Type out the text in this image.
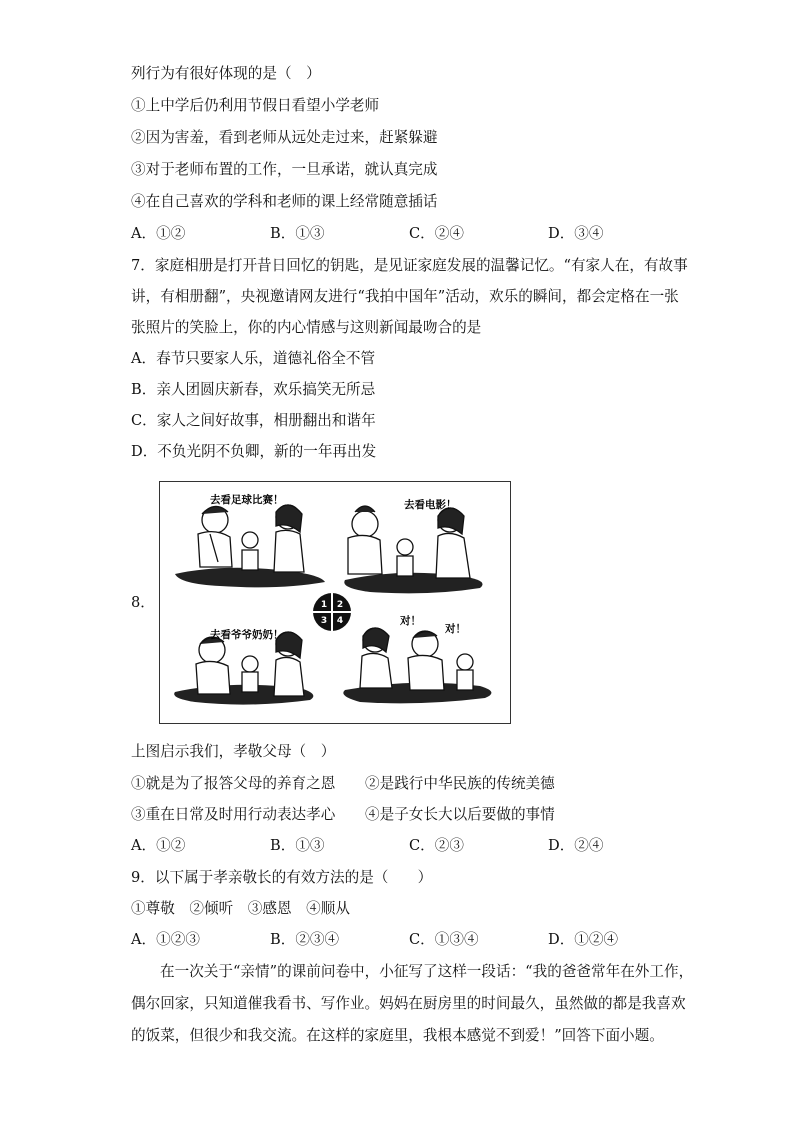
列行为有很好体现的是（　）
①上中学后仍利用节假日看望小学老师
②因为害羞，看到老师从远处走过来，赶紧躲避
③对于老师布置的工作，一旦承诺，就认真完成
④在自己喜欢的学科和老师的课上经常随意插话
A．①②	B．①③	C．②④	D．③④
7．家庭相册是打开昔日回忆的钥匙，是见证家庭发展的温馨记忆。“有家人在，有故事
讲，有相册翻”，央视邀请网友进行“我拍中国年”活动，欢乐的瞬间，都会定格在一张
张照片的笑脸上，你的内心情感与这则新闻最吻合的是
A．春节只要家人乐，道德礼俗全不管
B．亲人团圆庆新春，欢乐搞笑无所忌
C．家人之间好故事，相册翻出和谐年
D．不负光阴不负卿，新的一年再出发
8．	1 2
3 4
去看足球比赛！	去看电影！
去看爷爷奶奶！
对！
对！
上图启示我们，孝敬父母（　）
①就是为了报答父母的养育之恩 ②是践行中华民族的传统美德
③重在日常及时用行动表达孝心 ④是子女长大以后要做的事情
A．①②	B．①③	C．②③	D．②④
9．以下属于孝亲敬长的有效方法的是（　　）
①尊敬　②倾听　③感恩　④顺从
A．①②③	B．②③④	C．①③④	D．①②④
在一次关于“亲情”的课前问卷中，小征写了这样一段话：“我的爸爸常年在外工作，
偶尔回家，只知道催我看书、写作业。妈妈在厨房里的时间最久，虽然做的都是我喜欢
的饭菜，但很少和我交流。在这样的家庭里，我根本感觉不到爱！”回答下面小题。
